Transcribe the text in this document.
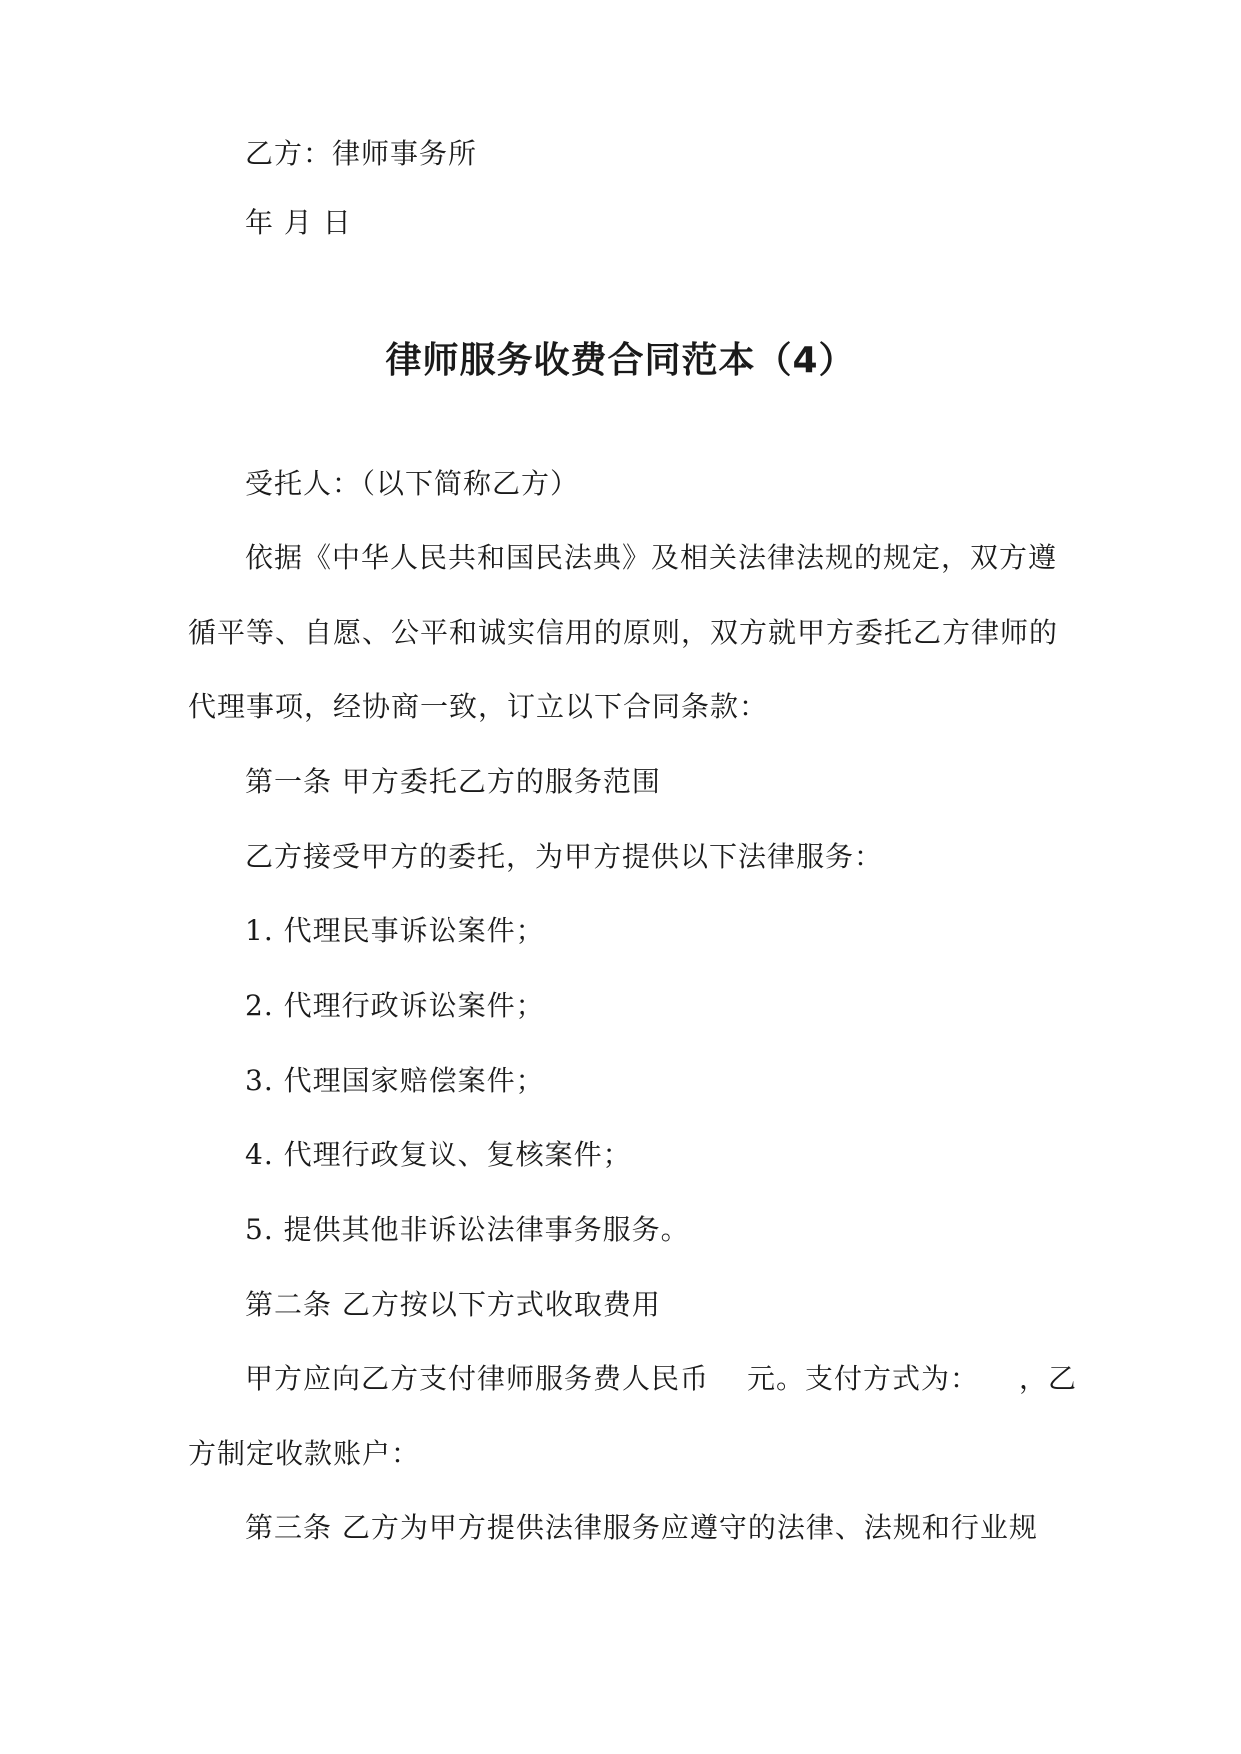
乙方：律师事务所
年 月 日
律师服务收费合同范本（4）
受托人：（以下简称乙方）
依据《中华人民共和国民法典》及相关法律法规的规定，双方遵
循平等、自愿、公平和诚实信用的原则，双方就甲方委托乙方律师的
代理事项，经协商一致，订立以下合同条款：
第一条 甲方委托乙方的服务范围
乙方接受甲方的委托，为甲方提供以下法律服务：
1. 代理民事诉讼案件；
2. 代理行政诉讼案件；
3. 代理国家赔偿案件；
4. 代理行政复议、复核案件；
5. 提供其他非诉讼法律事务服务。
第二条 乙方按以下方式收取费用
甲方应向乙方支付律师服务费人民币 元。支付方式为： ，乙
方制定收款账户：
第三条 乙方为甲方提供法律服务应遵守的法律、法规和行业规
